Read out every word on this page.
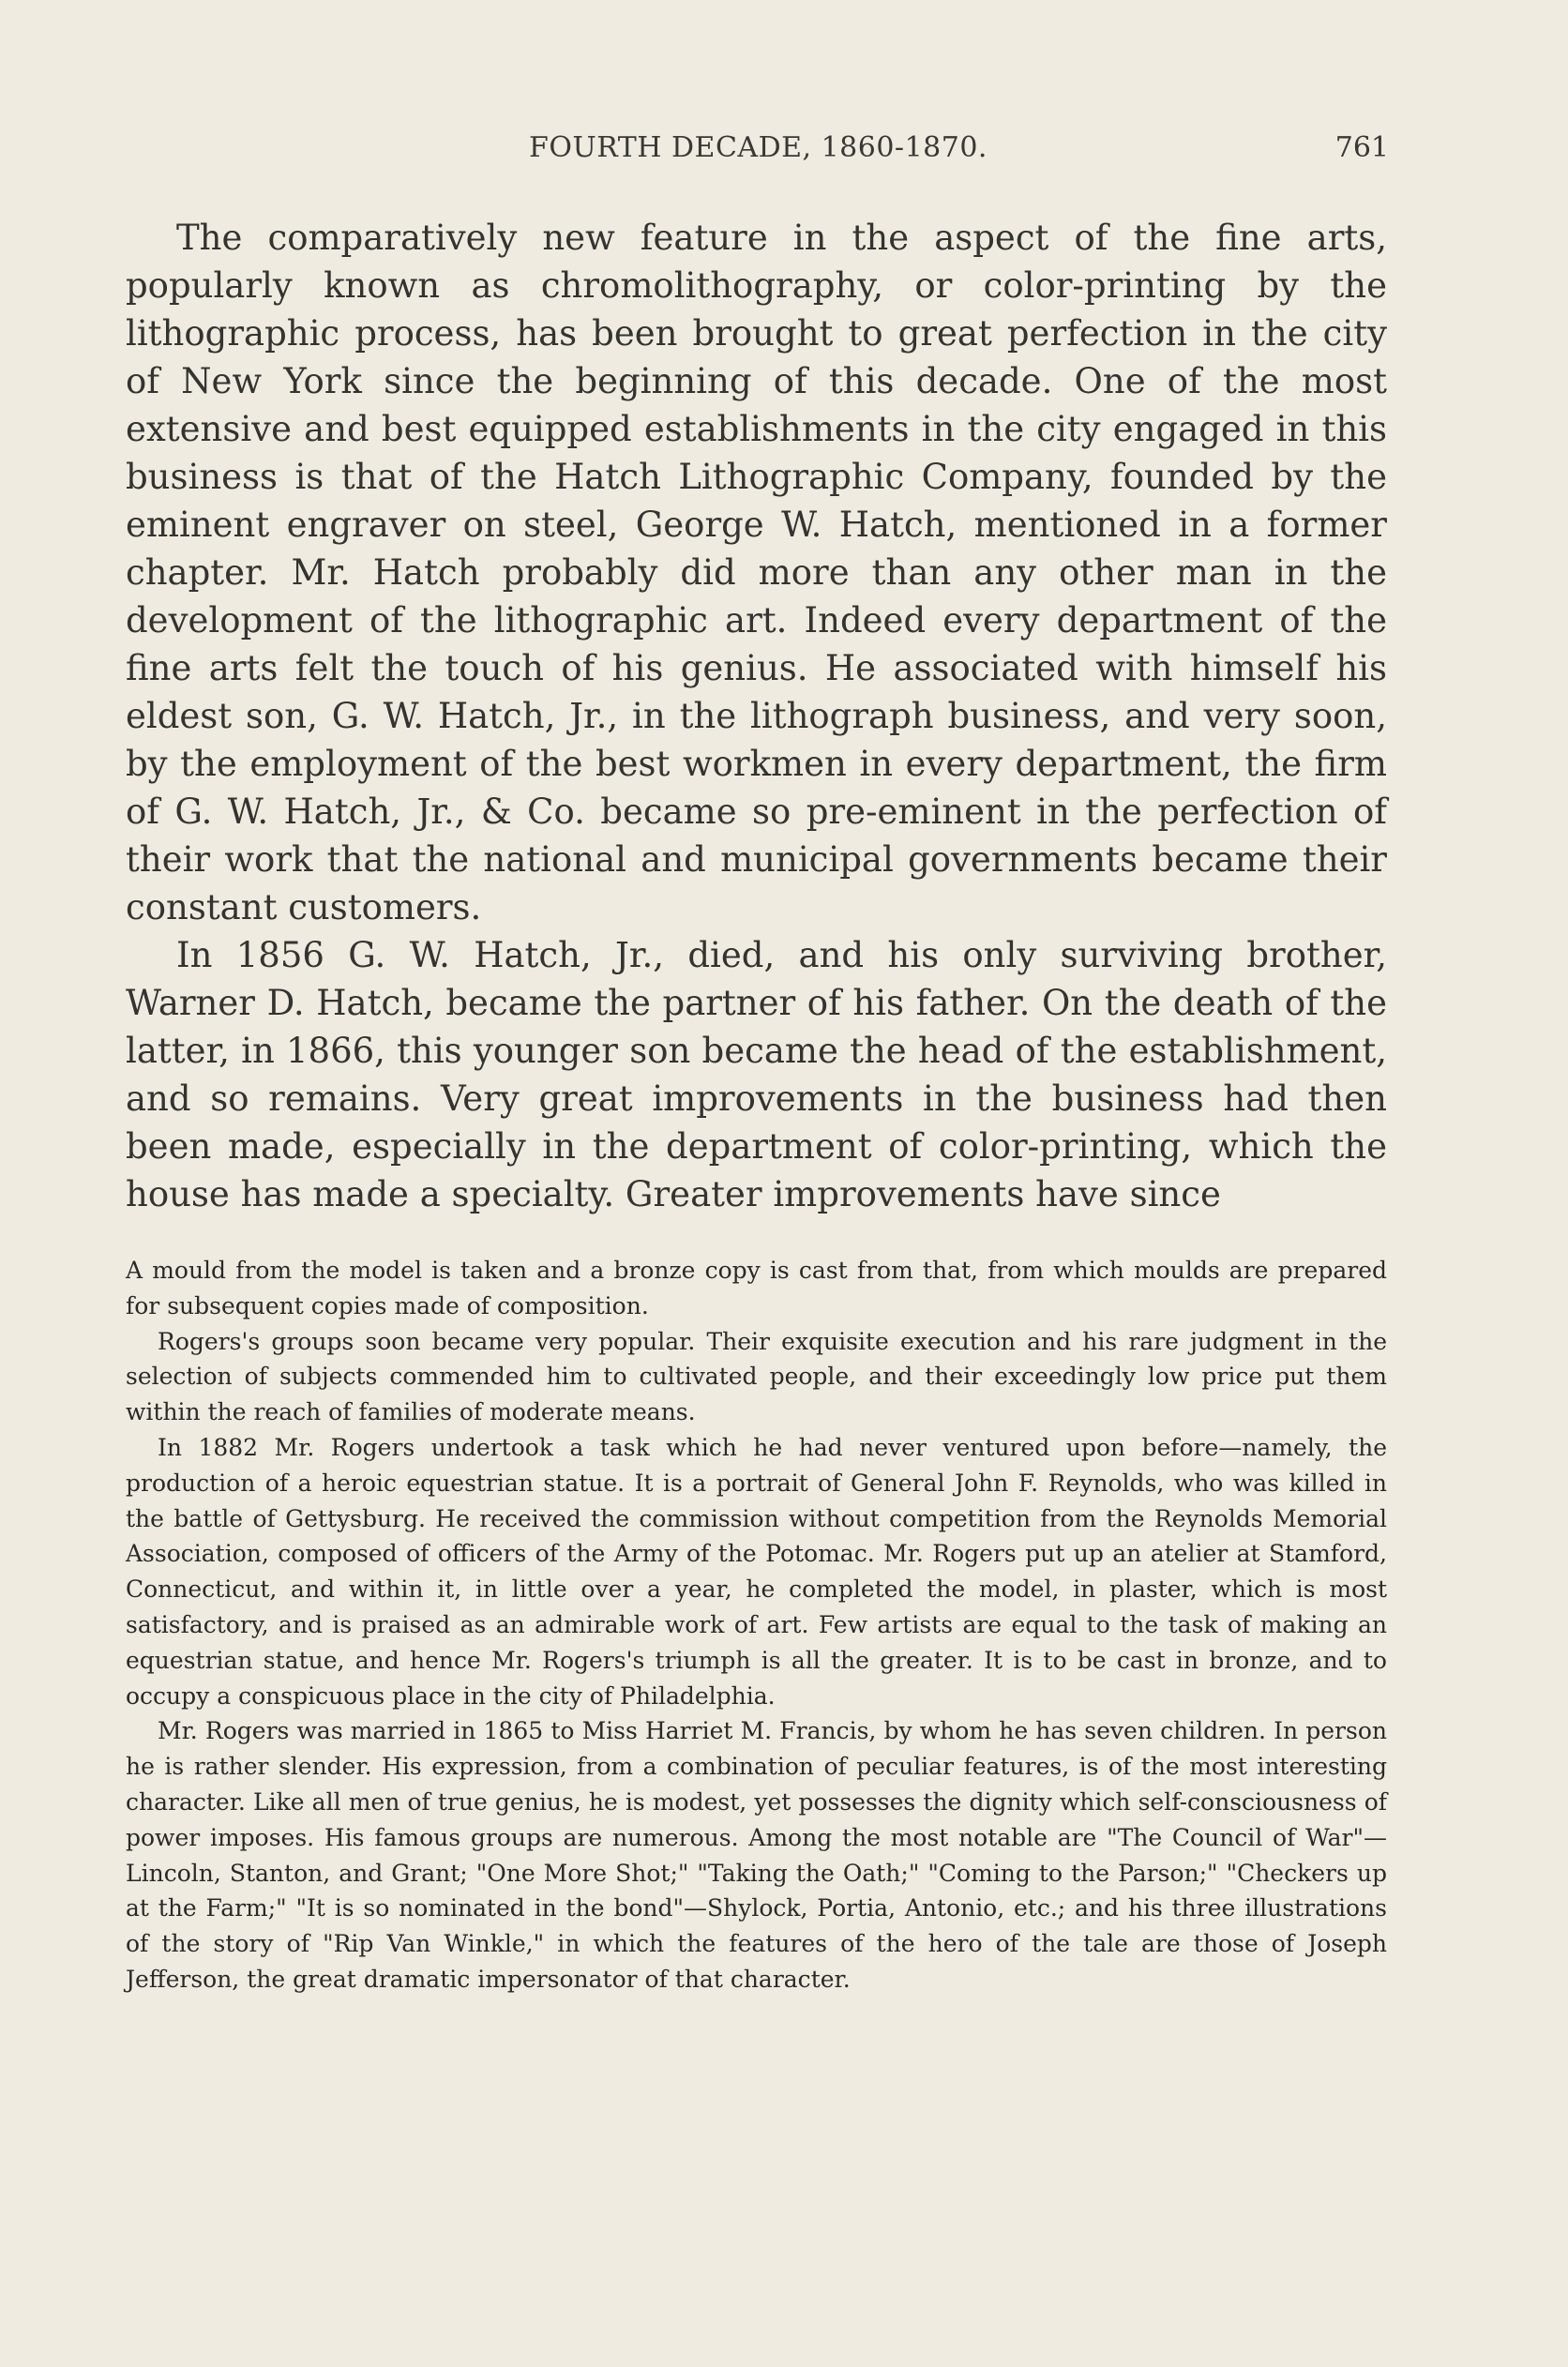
FOURTH DECADE, 1860-1870.	761

The comparatively new feature in the aspect of the fine arts, popularly known as chromolithography, or color-printing by the lithographic process, has been brought to great perfection in the city of New York since the beginning of this decade. One of the most extensive and best equipped establishments in the city engaged in this business is that of the Hatch Lithographic Company, founded by the eminent engraver on steel, George W. Hatch, mentioned in a former chapter. Mr. Hatch probably did more than any other man in the development of the lithographic art. Indeed every department of the fine arts felt the touch of his genius. He associated with himself his eldest son, G. W. Hatch, Jr., in the lithograph business, and very soon, by the employment of the best workmen in every department, the firm of G. W. Hatch, Jr., & Co. became so pre-eminent in the perfection of their work that the national and municipal governments became their constant customers.

In 1856 G. W. Hatch, Jr., died, and his only surviving brother, Warner D. Hatch, became the partner of his father. On the death of the latter, in 1866, this younger son became the head of the establishment, and so remains. Very great improvements in the business had then been made, especially in the department of color-printing, which the house has made a specialty. Greater improvements have since

A mould from the model is taken and a bronze copy is cast from that, from which moulds are prepared for subsequent copies made of composition.

Rogers's groups soon became very popular. Their exquisite execution and his rare judgment in the selection of subjects commended him to cultivated people, and their exceedingly low price put them within the reach of families of moderate means.

In 1882 Mr. Rogers undertook a task which he had never ventured upon before—namely, the production of a heroic equestrian statue. It is a portrait of General John F. Reynolds, who was killed in the battle of Gettysburg. He received the commission without competition from the Reynolds Memorial Association, composed of officers of the Army of the Potomac. Mr. Rogers put up an atelier at Stamford, Connecticut, and within it, in little over a year, he completed the model, in plaster, which is most satisfactory, and is praised as an admirable work of art. Few artists are equal to the task of making an equestrian statue, and hence Mr. Rogers's triumph is all the greater. It is to be cast in bronze, and to occupy a conspicuous place in the city of Philadelphia.

Mr. Rogers was married in 1865 to Miss Harriet M. Francis, by whom he has seven children. In person he is rather slender. His expression, from a combination of peculiar features, is of the most interesting character. Like all men of true genius, he is modest, yet possesses the dignity which self-consciousness of power imposes. His famous groups are numerous. Among the most notable are "The Council of War"—Lincoln, Stanton, and Grant; "One More Shot;" "Taking the Oath;" "Coming to the Parson;" "Checkers up at the Farm;" "It is so nominated in the bond"—Shylock, Portia, Antonio, etc.; and his three illustrations of the story of "Rip Van Winkle," in which the features of the hero of the tale are those of Joseph Jefferson, the great dramatic impersonator of that character.
